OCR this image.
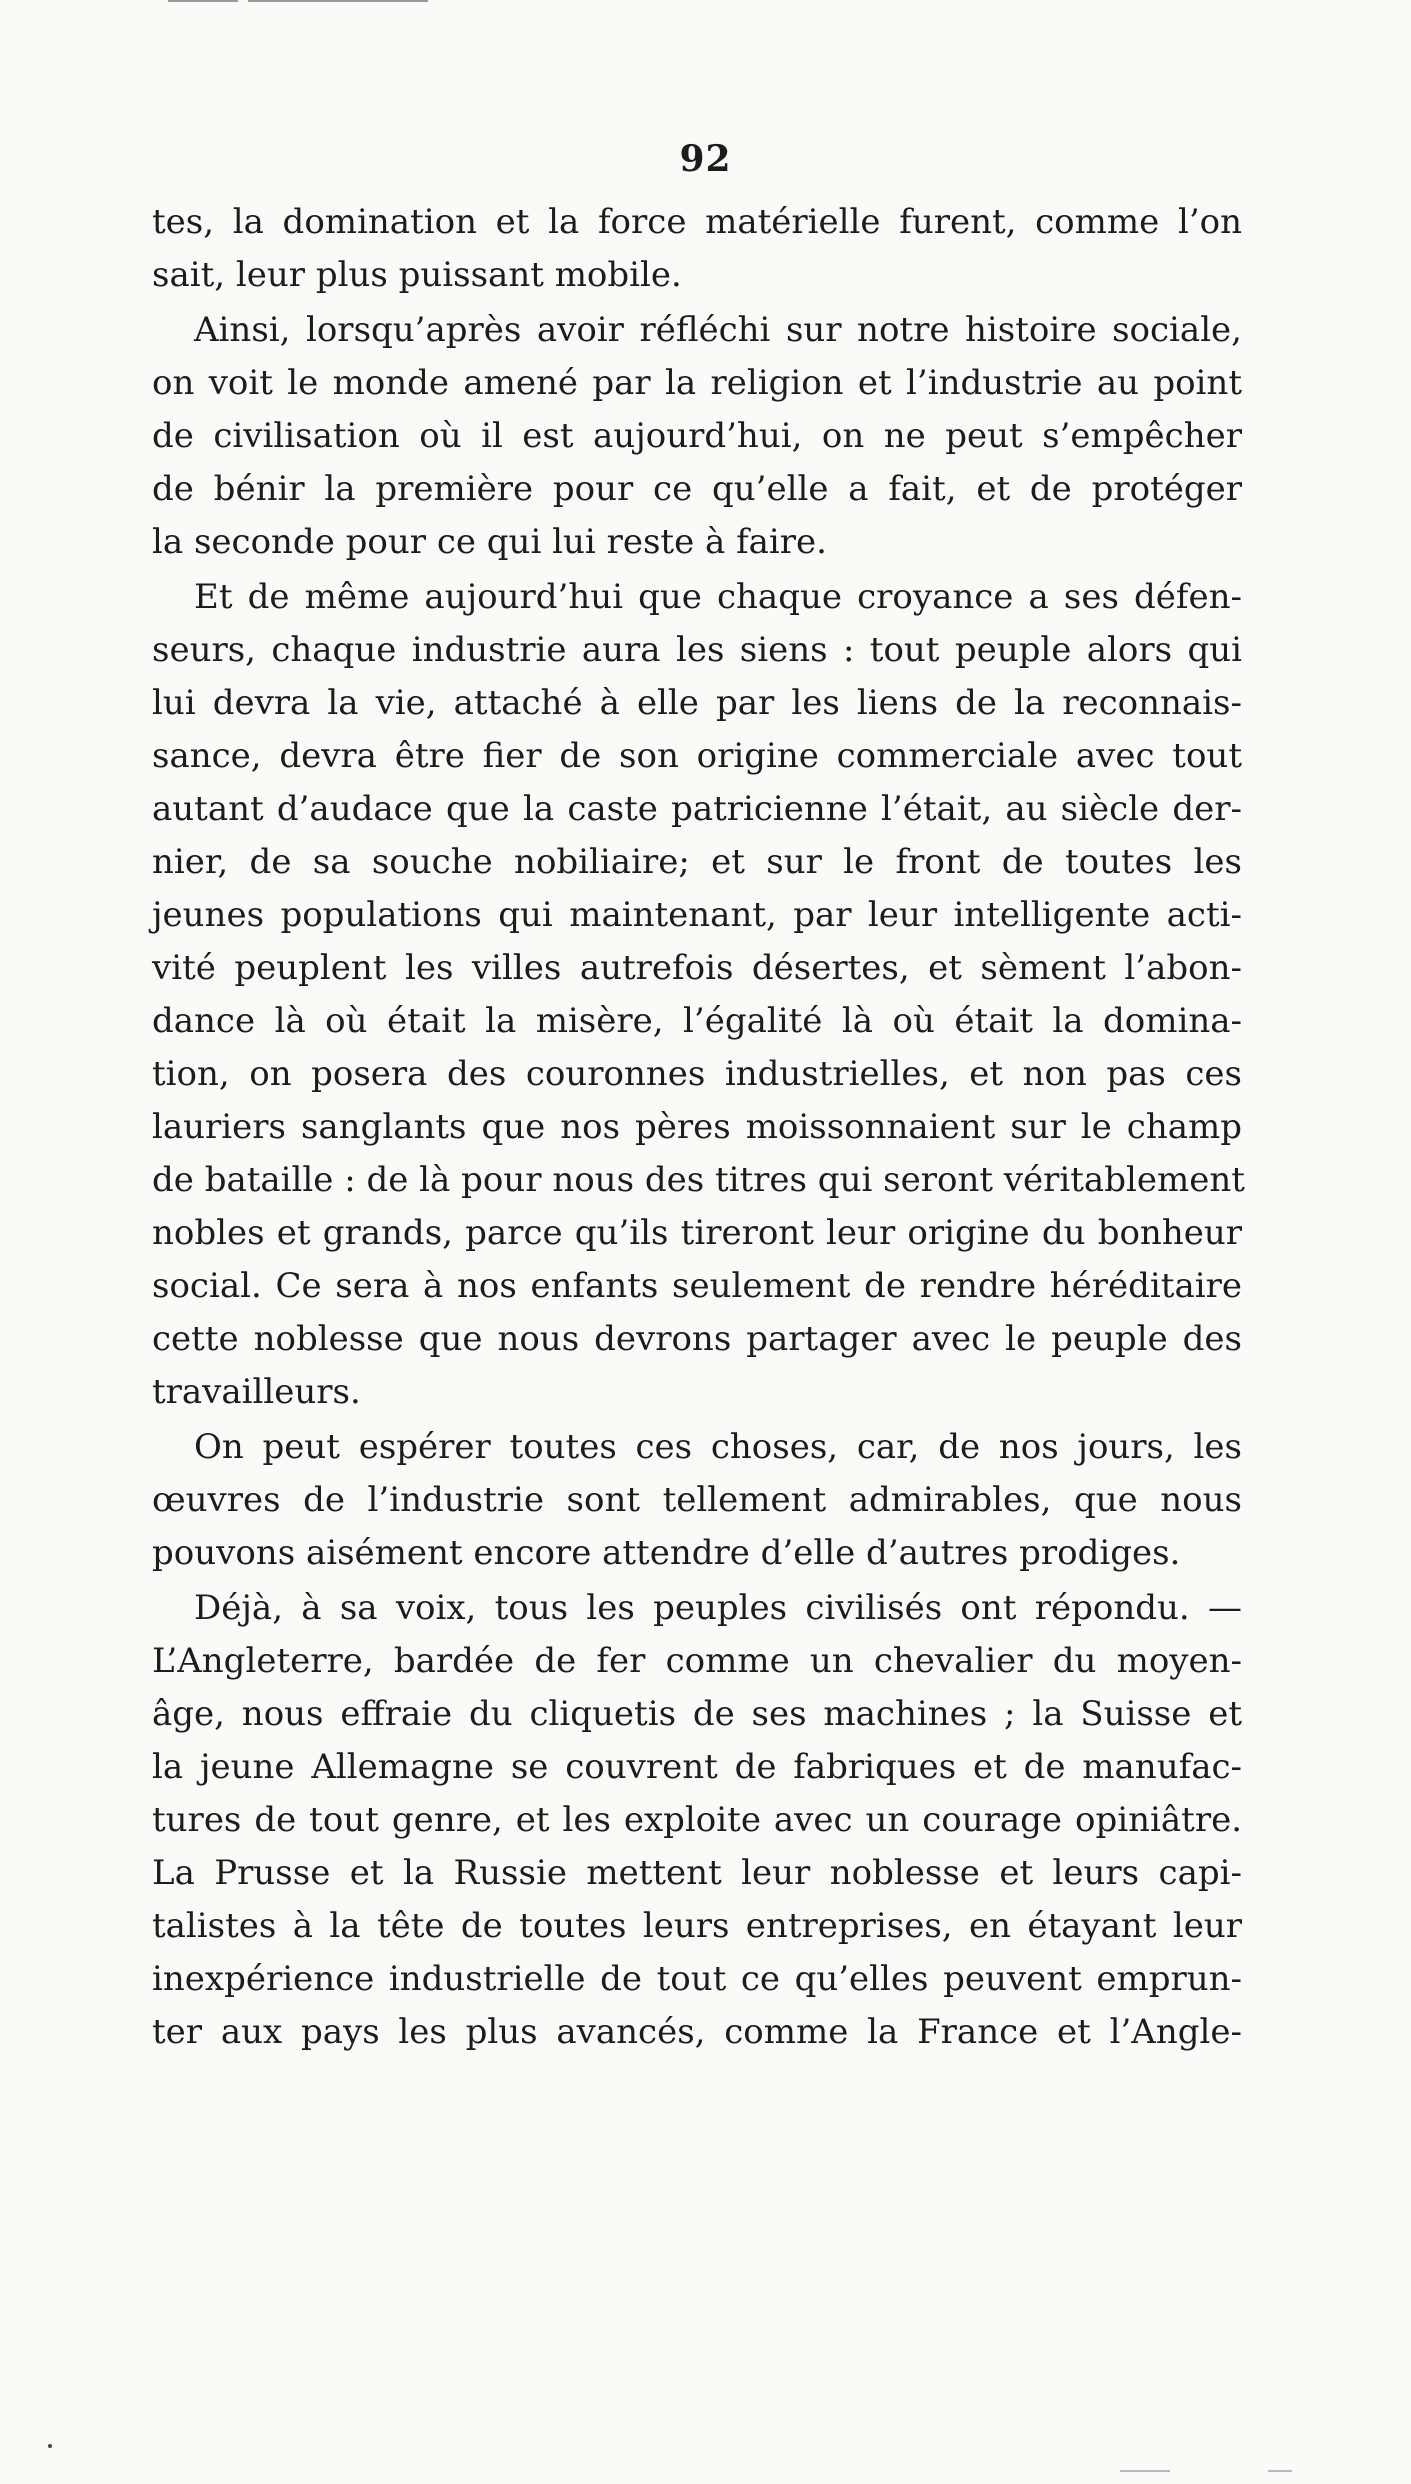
92
tes, la domination et la force matérielle furent, comme l’on
sait, leur plus puissant mobile.
Ainsi, lorsqu’après avoir réfléchi sur notre histoire sociale,
on voit le monde amené par la religion et l’industrie au point
de civilisation où il est aujourd’hui, on ne peut s’empêcher
de bénir la première pour ce qu’elle a fait, et de protéger
la seconde pour ce qui lui reste à faire.
Et de même aujourd’hui que chaque croyance a ses défen-
seurs, chaque industrie aura les siens : tout peuple alors qui
lui devra la vie, attaché à elle par les liens de la reconnais-
sance, devra être fier de son origine commerciale avec tout
autant d’audace que la caste patricienne l’était, au siècle der-
nier, de sa souche nobiliaire; et sur le front de toutes les
jeunes populations qui maintenant, par leur intelligente acti-
vité peuplent les villes autrefois désertes, et sèment l’abon-
dance là où était la misère, l’égalité là où était la domina-
tion, on posera des couronnes industrielles, et non pas ces
lauriers sanglants que nos pères moissonnaient sur le champ
de bataille : de là pour nous des titres qui seront véritablement
nobles et grands, parce qu’ils tireront leur origine du bonheur
social. Ce sera à nos enfants seulement de rendre héréditaire
cette noblesse que nous devrons partager avec le peuple des
travailleurs.
On peut espérer toutes ces choses, car, de nos jours, les
œuvres de l’industrie sont tellement admirables, que nous
pouvons aisément encore attendre d’elle d’autres prodiges.
Déjà, à sa voix, tous les peuples civilisés ont répondu. —
L’Angleterre, bardée de fer comme un chevalier du moyen-
âge, nous effraie du cliquetis de ses machines ; la Suisse et
la jeune Allemagne se couvrent de fabriques et de manufac-
tures de tout genre, et les exploite avec un courage opiniâtre.
La Prusse et la Russie mettent leur noblesse et leurs capi-
talistes à la tête de toutes leurs entreprises, en étayant leur
inexpérience industrielle de tout ce qu’elles peuvent emprun-
ter aux pays les plus avancés, comme la France et l’Angle-
